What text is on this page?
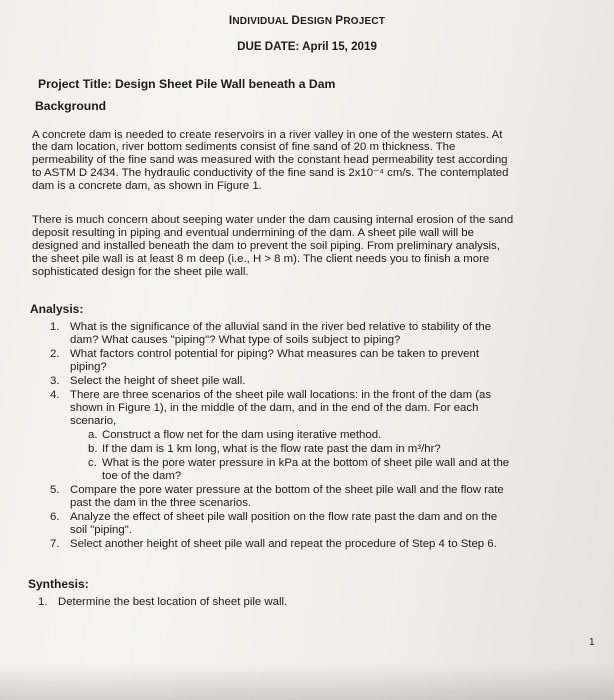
INDIVIDUAL DESIGN PROJECT
DUE DATE: April 15, 2019
Project Title: Design Sheet Pile Wall beneath a Dam
Background
A concrete dam is needed to create reservoirs in a river valley in one of the western states. At
the dam location, river bottom sediments consist of fine sand of 20 m thickness. The
permeability of the fine sand was measured with the constant head permeability test according
to ASTM D 2434. The hydraulic conductivity of the fine sand is 2x10⁻⁴ cm/s. The contemplated
dam is a concrete dam, as shown in Figure 1.
There is much concern about seeping water under the dam causing internal erosion of the sand
deposit resulting in piping and eventual undermining of the dam. A sheet pile wall will be
designed and installed beneath the dam to prevent the soil piping. From preliminary analysis,
the sheet pile wall is at least 8 m deep (i.e., H > 8 m). The client needs you to finish a more
sophisticated design for the sheet pile wall.
Analysis:
1. What is the significance of the alluvial sand in the river bed relative to stability of the
dam? What causes "piping"? What type of soils subject to piping?
2. What factors control potential for piping? What measures can be taken to prevent
piping?
3. Select the height of sheet pile wall.
4. There are three scenarios of the sheet pile wall locations: in the front of the dam (as
shown in Figure 1), in the middle of the dam, and in the end of the dam. For each
scenario,
a. Construct a flow net for the dam using iterative method.
b. If the dam is 1 km long, what is the flow rate past the dam in m³/hr?
c. What is the pore water pressure in kPa at the bottom of sheet pile wall and at the
toe of the dam?
5. Compare the pore water pressure at the bottom of the sheet pile wall and the flow rate
past the dam in the three scenarios.
6. Analyze the effect of sheet pile wall position on the flow rate past the dam and on the
soil "piping".
7. Select another height of sheet pile wall and repeat the procedure of Step 4 to Step 6.
Synthesis:
1. Determine the best location of sheet pile wall.
1
